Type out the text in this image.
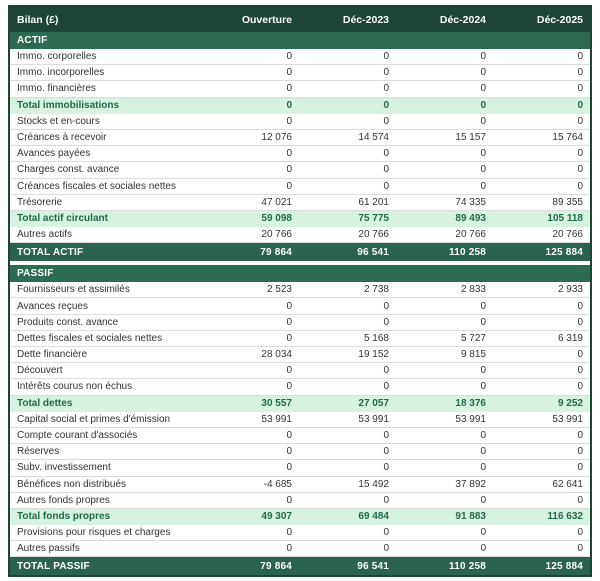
Bilan (£)	Ouverture	Déc-2023	Déc-2024	Déc-2025
ACTIF
Immo. corporelles	0	0	0	0
Immo. incorporelles	0	0	0	0
Immo. financières	0	0	0	0
Total immobilisations	0	0	0	0
Stocks et en-cours	0	0	0	0
Créances à recevoir	12 076	14 574	15 157	15 764
Avances payées	0	0	0	0
Charges const. avance	0	0	0	0
Créances fiscales et sociales nettes	0	0	0	0
Trésorerie	47 021	61 201	74 335	89 355
Total actif circulant	59 098	75 775	89 493	105 118
Autres actifs	20 766	20 766	20 766	20 766
TOTAL ACTIF	79 864	96 541	110 258	125 884
PASSIF
Fournisseurs et assimilés	2 523	2 738	2 833	2 933
Avances reçues	0	0	0	0
Produits const. avance	0	0	0	0
Dettes fiscales et sociales nettes	0	5 168	5 727	6 319
Dette financière	28 034	19 152	9 815	0
Découvert	0	0	0	0
Intérêts courus non échus	0	0	0	0
Total dettes	30 557	27 057	18 376	9 252
Capital social et primes d'émission	53 991	53 991	53 991	53 991
Compte courant d'associés	0	0	0	0
Réserves	0	0	0	0
Subv. investissement	0	0	0	0
Bénéfices non distribués	-4 685	15 492	37 892	62 641
Autres fonds propres	0	0	0	0
Total fonds propres	49 307	69 484	91 883	116 632
Provisions pour risques et charges	0	0	0	0
Autres passifs	0	0	0	0
TOTAL PASSIF	79 864	96 541	110 258	125 884
